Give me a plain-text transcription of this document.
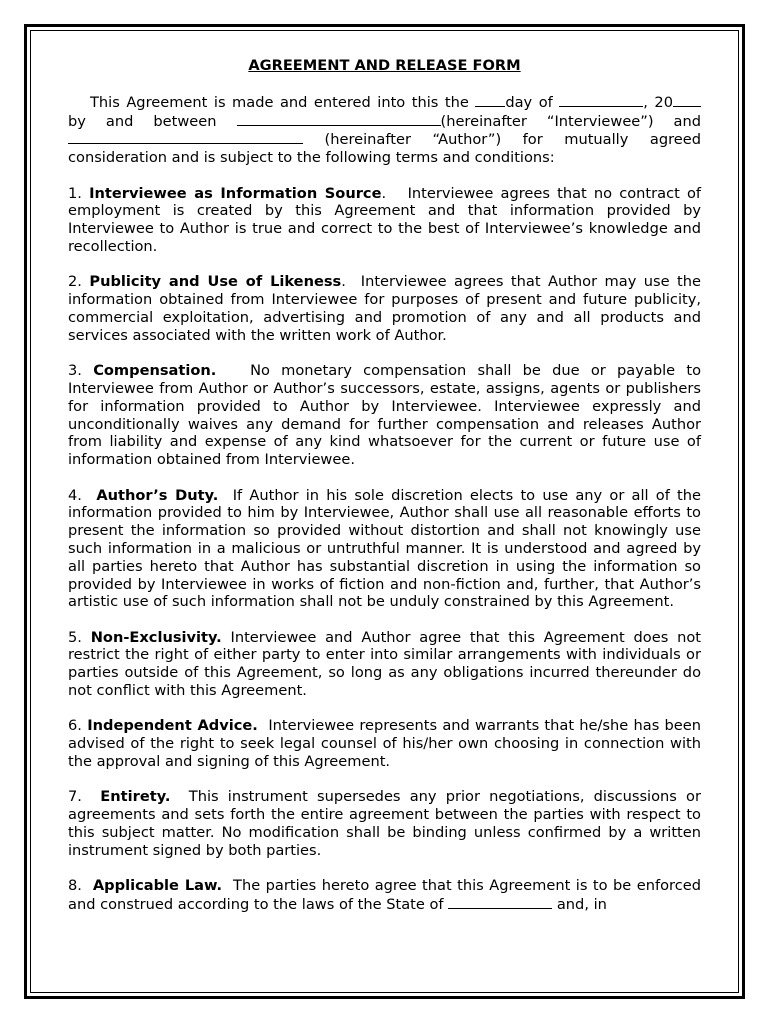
AGREEMENT AND RELEASE FORM

This Agreement is made and entered into this the	day of	, 20 by and between	(hereinafter “Interviewee”) and  (hereinafter “Author”) for mutually agreed consideration and is subject to the following terms and conditions:

1. Interviewee as Information Source. Interviewee agrees that no contract of employment is created by this Agreement and that information provided by Interviewee to Author is true and correct to the best of Interviewee’s knowledge and recollection.

2. Publicity and Use of Likeness. Interviewee agrees that Author may use the information obtained from Interviewee for purposes of present and future publicity, commercial exploitation, advertising and promotion of any and all products and services associated with the written work of Author.

3. Compensation. No monetary compensation shall be due or payable to Interviewee from Author or Author’s successors, estate, assigns, agents or publishers for information provided to Author by Interviewee. Interviewee expressly and unconditionally waives any demand for further compensation and releases Author from liability and expense of any kind whatsoever for the current or future use of information obtained from Interviewee.

4. Author’s Duty. If Author in his sole discretion elects to use any or all of the information provided to him by Interviewee, Author shall use all reasonable efforts to present the information so provided without distortion and shall not knowingly use such information in a malicious or untruthful manner. It is understood and agreed by all parties hereto that Author has substantial discretion in using the information so provided by Interviewee in works of fiction and non-fiction and, further, that Author’s artistic use of such information shall not be unduly constrained by this Agreement.

5. Non-Exclusivity. Interviewee and Author agree that this Agreement does not restrict the right of either party to enter into similar arrangements with individuals or parties outside of this Agreement, so long as any obligations incurred thereunder do not conflict with this Agreement.

6. Independent Advice. Interviewee represents and warrants that he/she has been advised of the right to seek legal counsel of his/her own choosing in connection with the approval and signing of this Agreement.

7. Entirety. This instrument supersedes any prior negotiations, discussions or agreements and sets forth the entire agreement between the parties with respect to this subject matter. No modification shall be binding unless confirmed by a written instrument signed by both parties.

8. Applicable Law. The parties hereto agree that this Agreement is to be enforced and construed according to the laws of the State of	and, in
